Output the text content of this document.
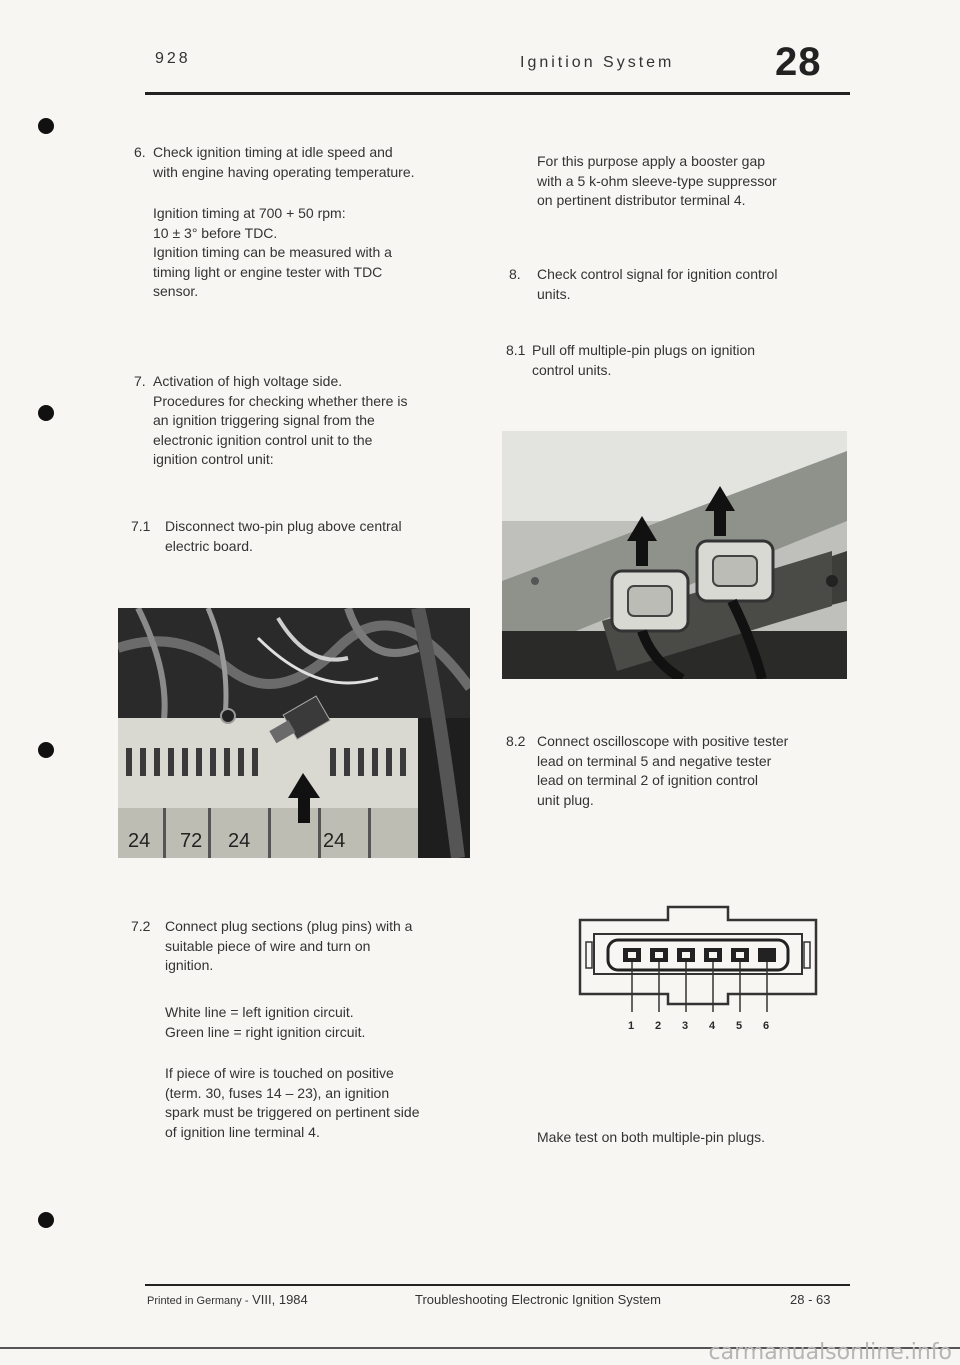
928	Ignition System	28
6. Check ignition timing at idle speed and
with engine having operating temperature.
Ignition timing at 700 + 50 rpm:
10 ± 3° before TDC.
Ignition timing can be measured with a
timing light or engine tester with TDC
sensor.
7. Activation of high voltage side.
Procedures for checking whether there is
an ignition triggering signal from the
electronic ignition control unit to the
ignition control unit:
7.1 Disconnect two-pin plug above central
electric board.
24 72 24	24
7.2 Connect plug sections (plug pins) with a
suitable piece of wire and turn on
ignition.
White line = left ignition circuit.
Green line = right ignition circuit.
If piece of wire is touched on positive
(term. 30, fuses 14 – 23), an ignition
spark must be triggered on pertinent side
of ignition line terminal 4.
For this purpose apply a booster gap
with a 5 k-ohm sleeve-type suppressor
on pertinent distributor terminal 4.
8. Check control signal for ignition control
units.
8.1 Pull off multiple-pin plugs on ignition
control units.
8.2 Connect oscilloscope with positive tester
lead on terminal 5 and negative tester
lead on terminal 2 of ignition control
unit plug.
1 2 3 4 5 6
Make test on both multiple-pin plugs.
Printed in Germany - VIII, 1984	Troubleshooting Electronic Ignition System	28 - 63
carmanualsonline.info
